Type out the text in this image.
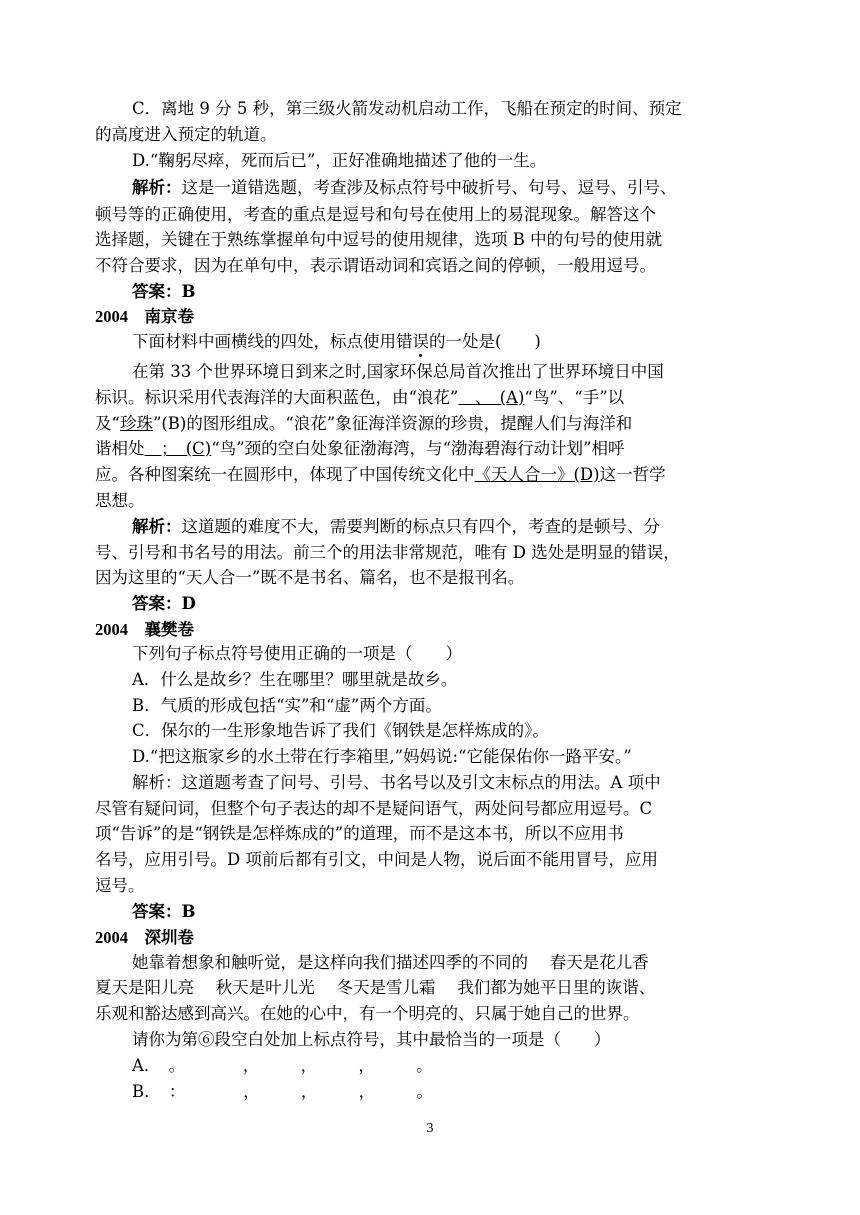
C．离地 9 分 5 秒，第三级火箭发动机启动工作，飞船在预定的时间、预定
的高度进入预定的轨道。
D.“鞠躬尽瘁，死而后已”，正好准确地描述了他的一生。
解析：这是一道错选题，考查涉及标点符号中破折号、句号、逗号、引号、
顿号等的正确使用，考查的重点是逗号和句号在使用上的易混现象。解答这个
选择题，关键在于熟练掌握单句中逗号的使用规律，选项 B 中的句号的使用就
不符合要求，因为在单句中，表示谓语动词和宾语之间的停顿，一般用逗号。
答案：B
2004　南京卷
下面材料中画横线的四处，标点使用错误的一处是(　　)
在第 33 个世界环境日到来之时,国家环保总局首次推出了世界环境日中国
标识。标识采用代表海洋的大面积蓝色，由“浪花”　、　(A)“鸟”、“手”以
及“珍珠”(B)的图形组成。“浪花”象征海洋资源的珍贵，提醒人们与海洋和
谐相处　；　(C)“鸟”颈的空白处象征渤海湾，与“渤海碧海行动计划”相呼
应。各种图案统一在圆形中，体现了中国传统文化中《天人合一》(D)这一哲学
思想。
解析：这道题的难度不大，需要判断的标点只有四个，考查的是顿号、分
号、引号和书名号的用法。前三个的用法非常规范，唯有 D 选处是明显的错误，
因为这里的“天人合一”既不是书名、篇名，也不是报刊名。
答案：D
2004　襄樊卷
下列句子标点符号使用正确的一项是（　　）
A．什么是故乡？生在哪里？哪里就是故乡。
B．气质的形成包括“实”和“虚”两个方面。
C．保尔的一生形象地告诉了我们《钢铁是怎样炼成的》。
D.“把这瓶家乡的水土带在行李箱里,”妈妈说:“它能保佑你一路平安。”
解析：这道题考查了问号、引号、书名号以及引文末标点的用法。A 项中
尽管有疑问词，但整个句子表达的却不是疑问语气，两处问号都应用逗号。C
项“告诉”的是“钢铁是怎样炼成的”的道理，而不是这本书，所以不应用书
名号，应用引号。D 项前后都有引文，中间是人物，说后面不能用冒号，应用
逗号。
答案：B
2004　深圳卷
她靠着想象和触听觉，是这样向我们描述四季的不同的　 春天是花儿香
夏天是阳儿亮　 秋天是叶儿光　 冬天是雪儿霜　 我们都为她平日里的诙谐、
乐观和豁达感到高兴。在她的心中，有一个明亮的、只属于她自己的世界。
请你为第⑥段空白处加上标点符号，其中最恰当的一项是（　　）
A．　。　　　　，　　　，　　　，　　　。
B．　：　　　　，　　　，　　　，　　　。
3
